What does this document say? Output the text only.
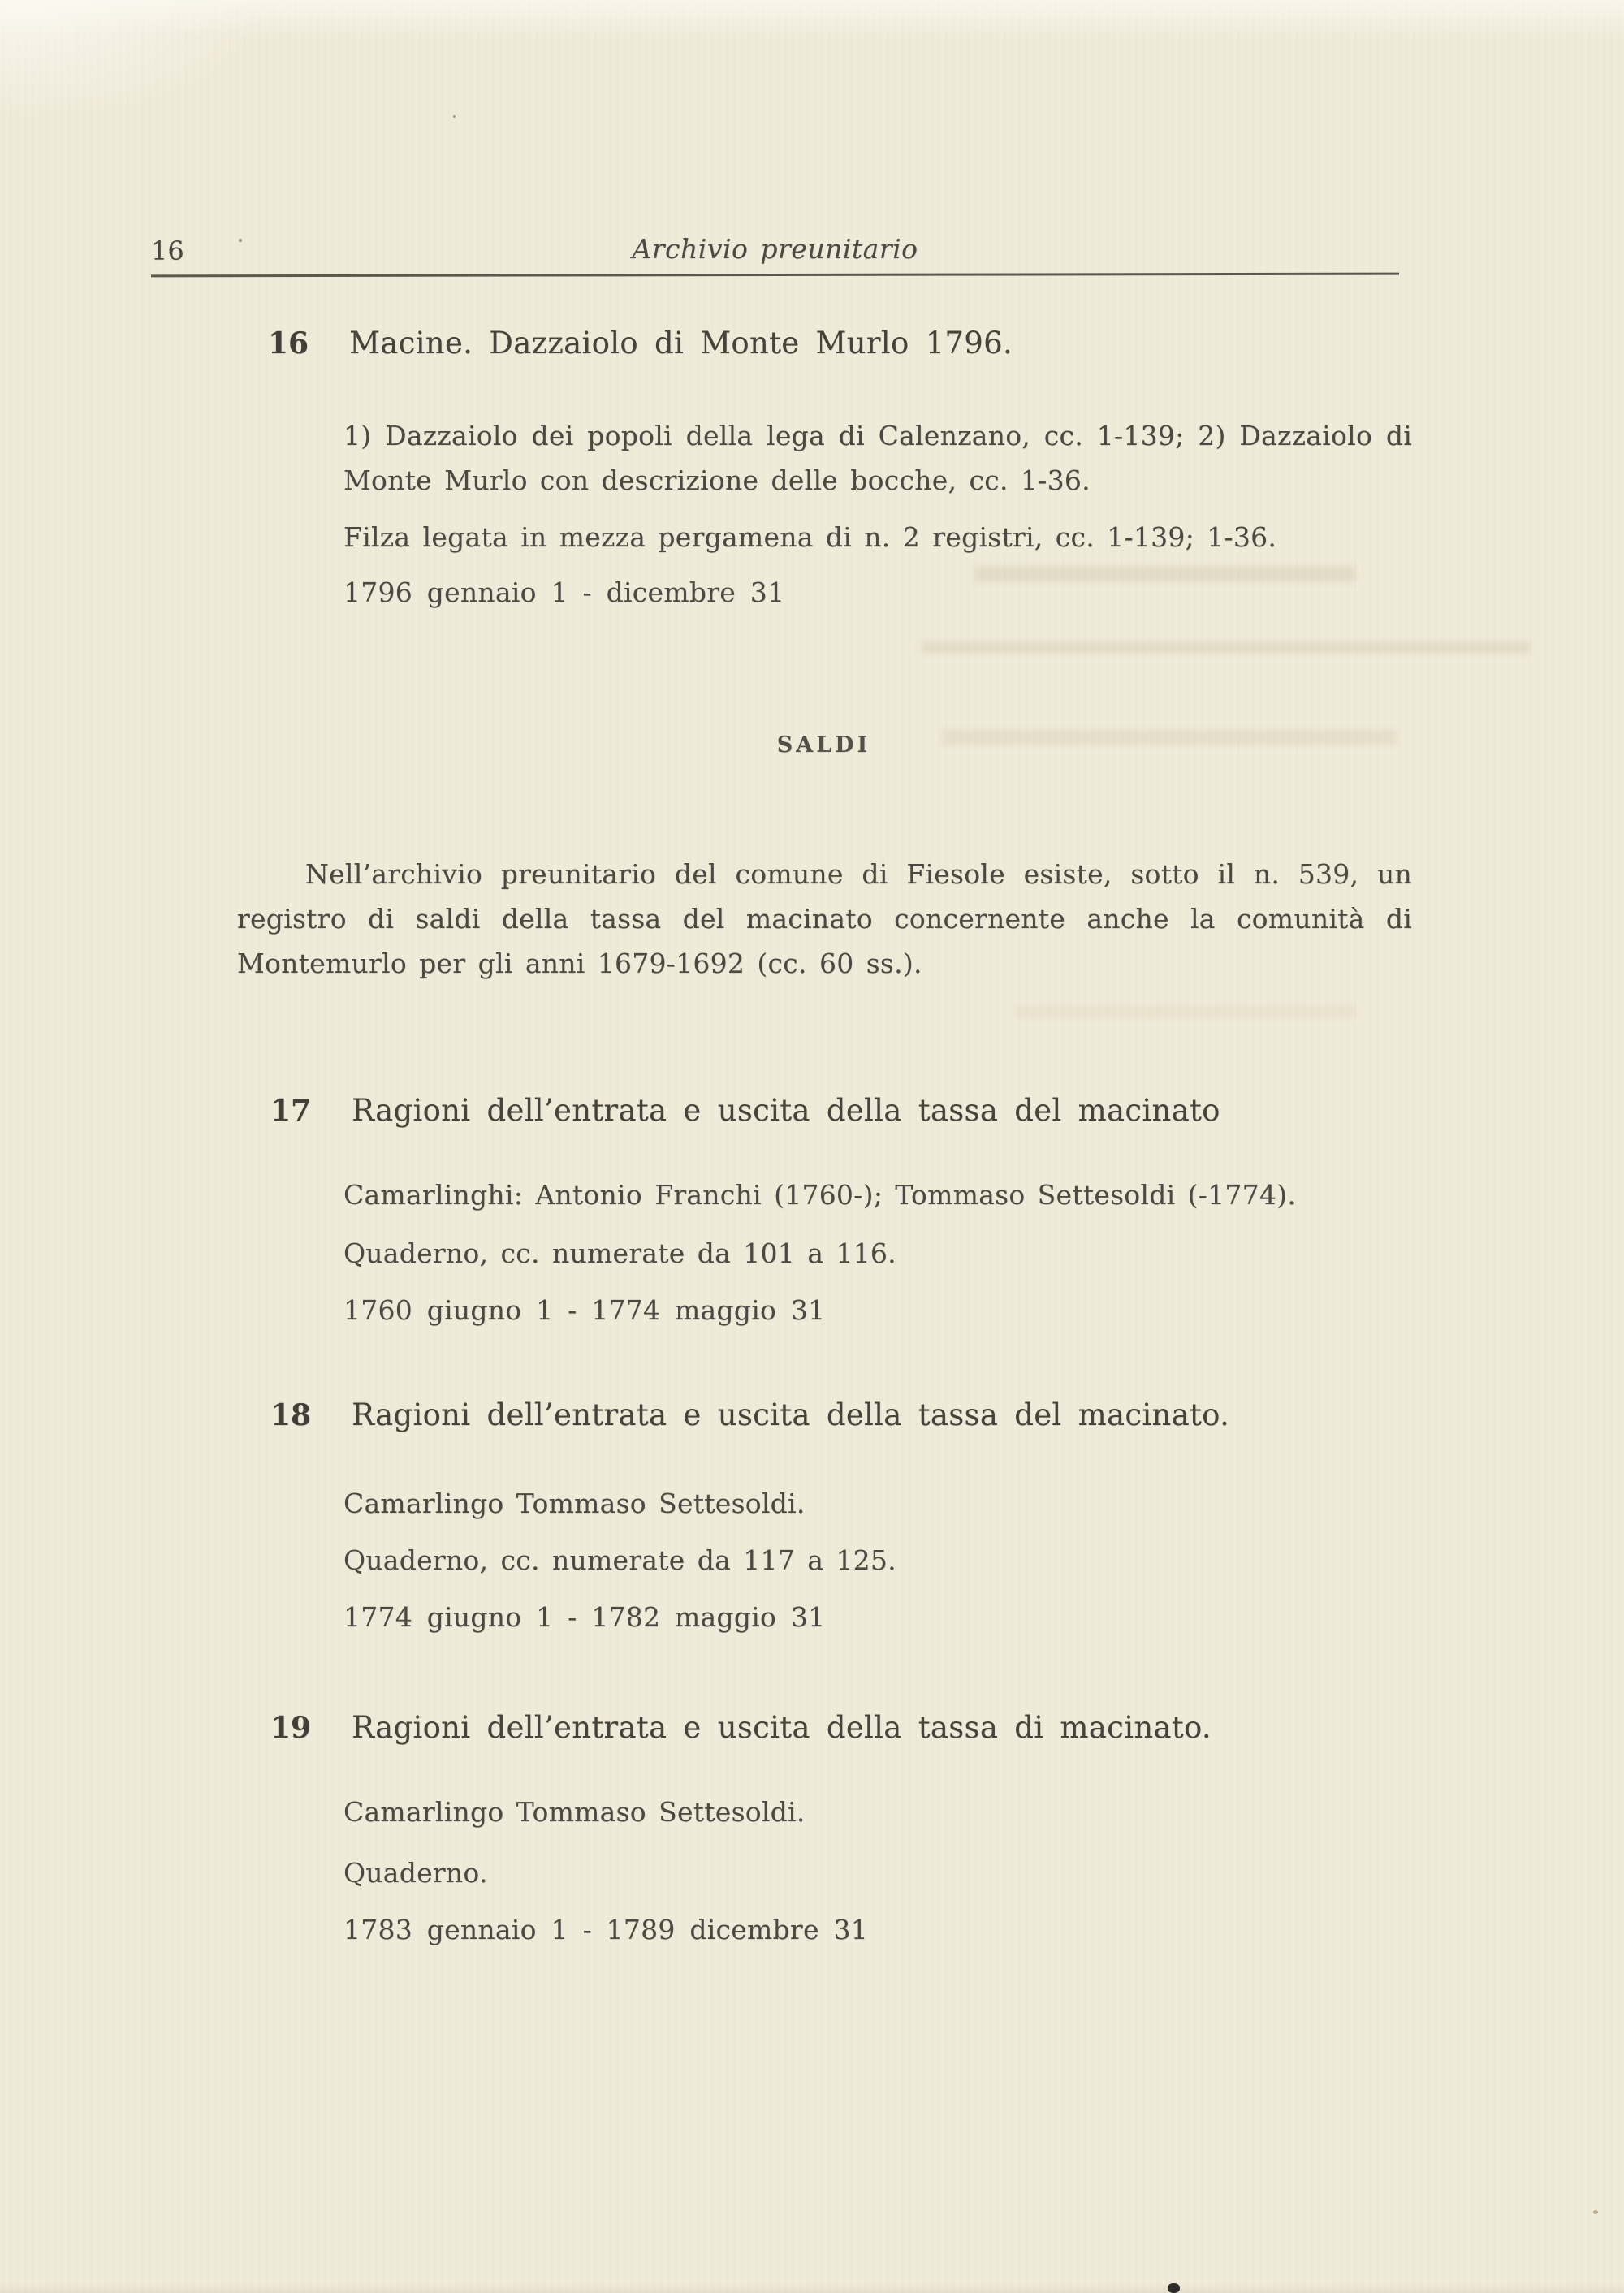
16	Archivio preunitario
16 Macine. Dazzaiolo di Monte Murlo 1796.

1) Dazzaiolo dei popoli della lega di Calenzano, cc. 1-139; 2) Dazzaiolo di Monte Murlo con descrizione delle bocche, cc. 1-36.

Filza legata in mezza pergamena di n. 2 registri, cc. 1-139; 1-36.

1796 gennaio 1 - dicembre 31

SALDI

Nell’archivio preunitario del comune di Fiesole esiste, sotto il n. 539, un registro di saldi della tassa del macinato concernente anche la comunità di Montemurlo per gli anni 1679-1692 (cc. 60 ss.).

17 Ragioni dell’entrata e uscita della tassa del macinato

Camarlinghi: Antonio Franchi (1760-); Tommaso Settesoldi (-1774).

Quaderno, cc. numerate da 101 a 116.

1760 giugno 1 - 1774 maggio 31

18 Ragioni dell’entrata e uscita della tassa del macinato.

Camarlingo Tommaso Settesoldi.

Quaderno, cc. numerate da 117 a 125.

1774 giugno 1 - 1782 maggio 31

19 Ragioni dell’entrata e uscita della tassa di macinato.

Camarlingo Tommaso Settesoldi.

Quaderno.

1783 gennaio 1 - 1789 dicembre 31
